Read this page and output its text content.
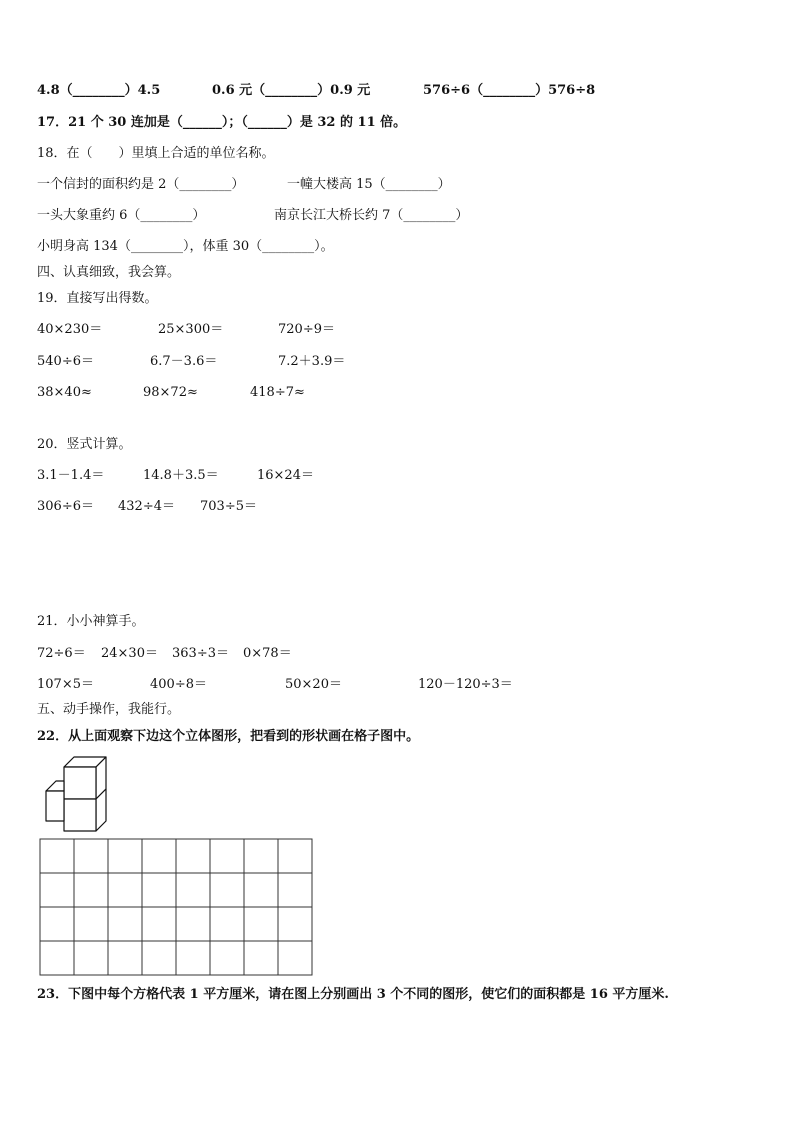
4.8（________）4.5	0.6 元（________）0.9 元	576÷6（________）576÷8
17．21 个 30 连加是（______）；（______）是 32 的 11 倍。
18．在（　　）里填上合适的单位名称。
一个信封的面积约是 2（________）	一幢大楼高 15（________）
一头大象重约 6（________）	南京长江大桥长约 7（________）
小明身高 134（________），体重 30（________）。
四、认真细致，我会算。
19．直接写出得数。
40×230＝	25×300＝	720÷9＝
540÷6＝	6.7－3.6＝	7.2＋3.9＝
38×40≈	98×72≈	418÷7≈
20．竖式计算。
3.1－1.4＝	14.8＋3.5＝	16×24＝
306÷6＝ 432÷4＝ 703÷5＝
21．小小神算手。
72÷6＝ 24×30＝ 363÷3＝ 0×78＝
107×5＝	400÷8＝	50×20＝	120－120÷3＝
五、动手操作，我能行。
22．从上面观察下边这个立体图形，把看到的形状画在格子图中。
23．下图中每个方格代表 1 平方厘米，请在图上分别画出 3 个不同的图形，使它们的面积都是 16 平方厘米.
